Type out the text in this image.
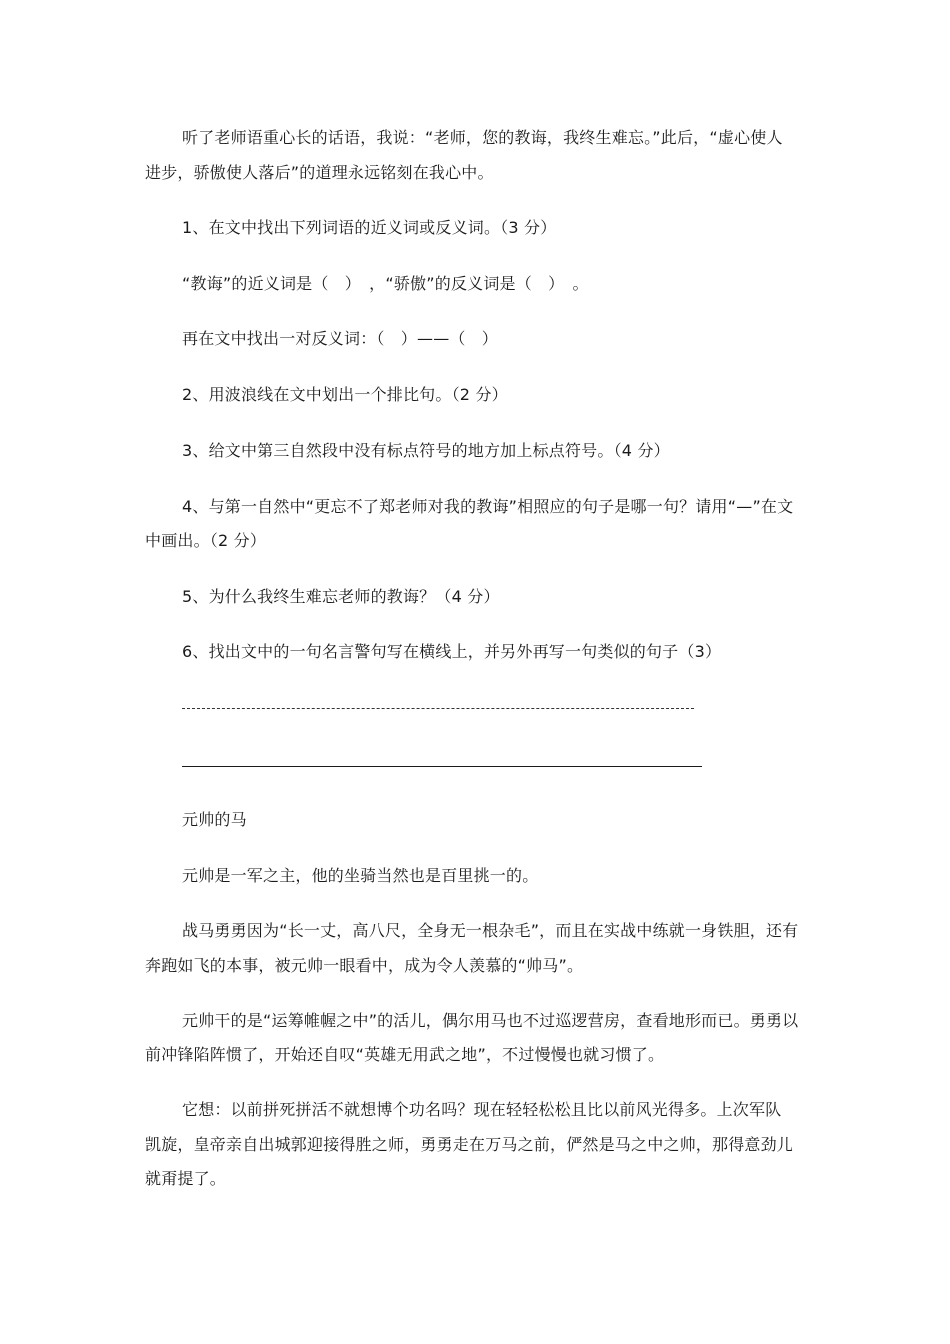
听了老师语重心长的话语，我说：“老师，您的教诲，我终生难忘。”此后，“虚心使人
进步，骄傲使人落后”的道理永远铭刻在我心中。
1、在文中找出下列词语的近义词或反义词。（3 分）
“教诲”的近义词是（　）　，“骄傲”的反义词是（　）　。
再在文中找出一对反义词：（　）——（　）
2、用波浪线在文中划出一个排比句。（2 分）
3、给文中第三自然段中没有标点符号的地方加上标点符号。（4 分）
4、与第一自然中“更忘不了郑老师对我的教诲”相照应的句子是哪一句？请用“—”在文
中画出。（2 分）
5、为什么我终生难忘老师的教诲？（4 分）
6、找出文中的一句名言警句写在横线上，并另外再写一句类似的句子（3）
元帅的马
元帅是一军之主，他的坐骑当然也是百里挑一的。
战马勇勇因为“长一丈，高八尺，全身无一根杂毛”，而且在实战中练就一身铁胆，还有
奔跑如飞的本事，被元帅一眼看中，成为令人羡慕的“帅马”。
元帅干的是“运筹帷幄之中”的活儿，偶尔用马也不过巡逻营房，查看地形而已。勇勇以
前冲锋陷阵惯了，开始还自叹“英雄无用武之地”，不过慢慢也就习惯了。
它想：以前拼死拼活不就想博个功名吗？现在轻轻松松且比以前风光得多。上次军队
凯旋，皇帝亲自出城郭迎接得胜之师，勇勇走在万马之前，俨然是马之中之帅，那得意劲儿
就甭提了。
